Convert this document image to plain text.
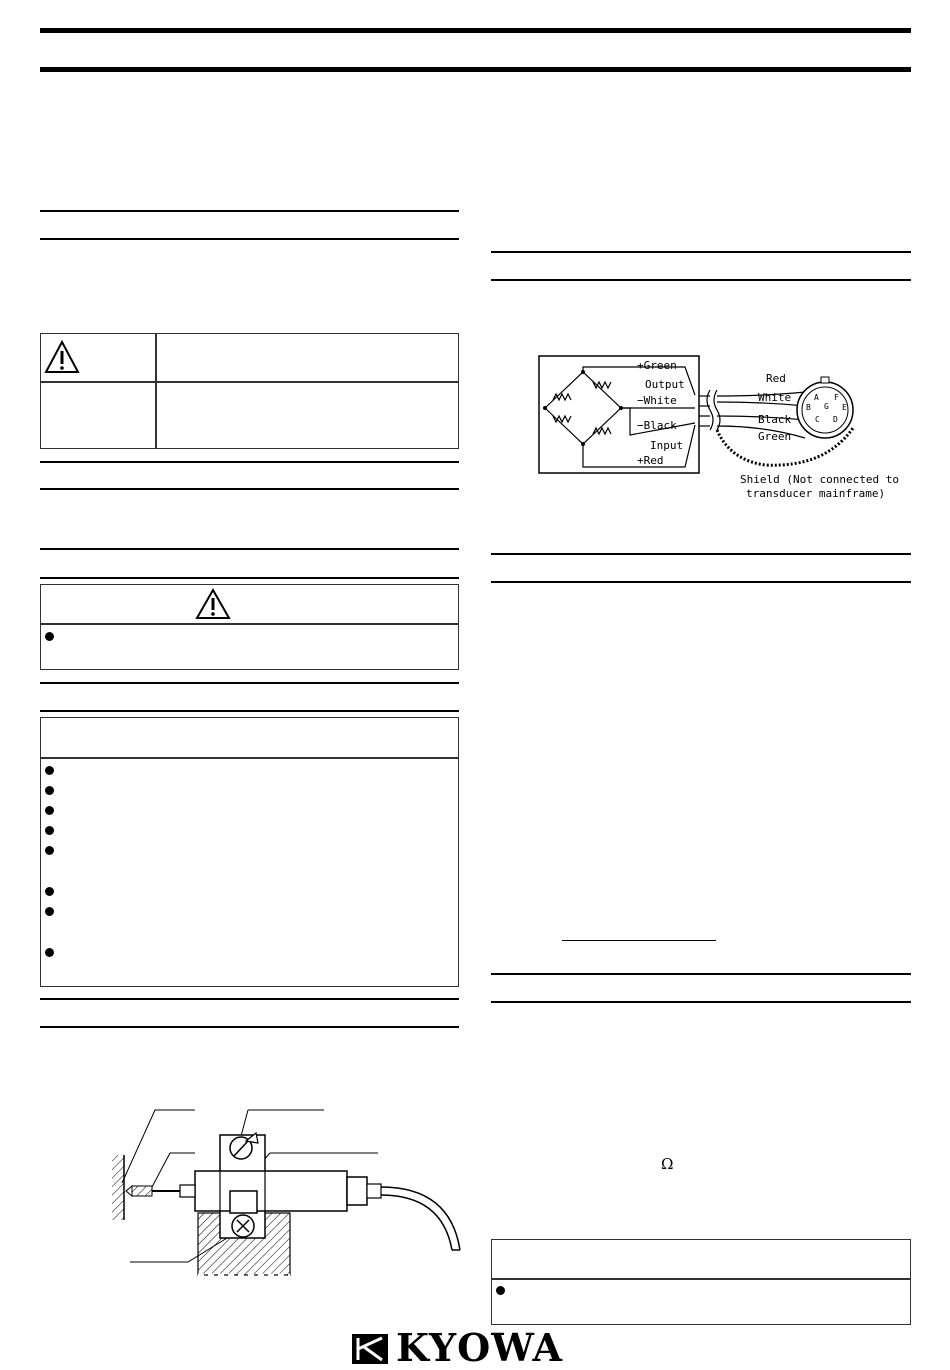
+Green
Output
−White
−Black
Input
+Red
Red
White
Black
Green
Shield (Not connected to
transducer mainframe)
A
B
C D
E
F
G
Ω
KYOWA
